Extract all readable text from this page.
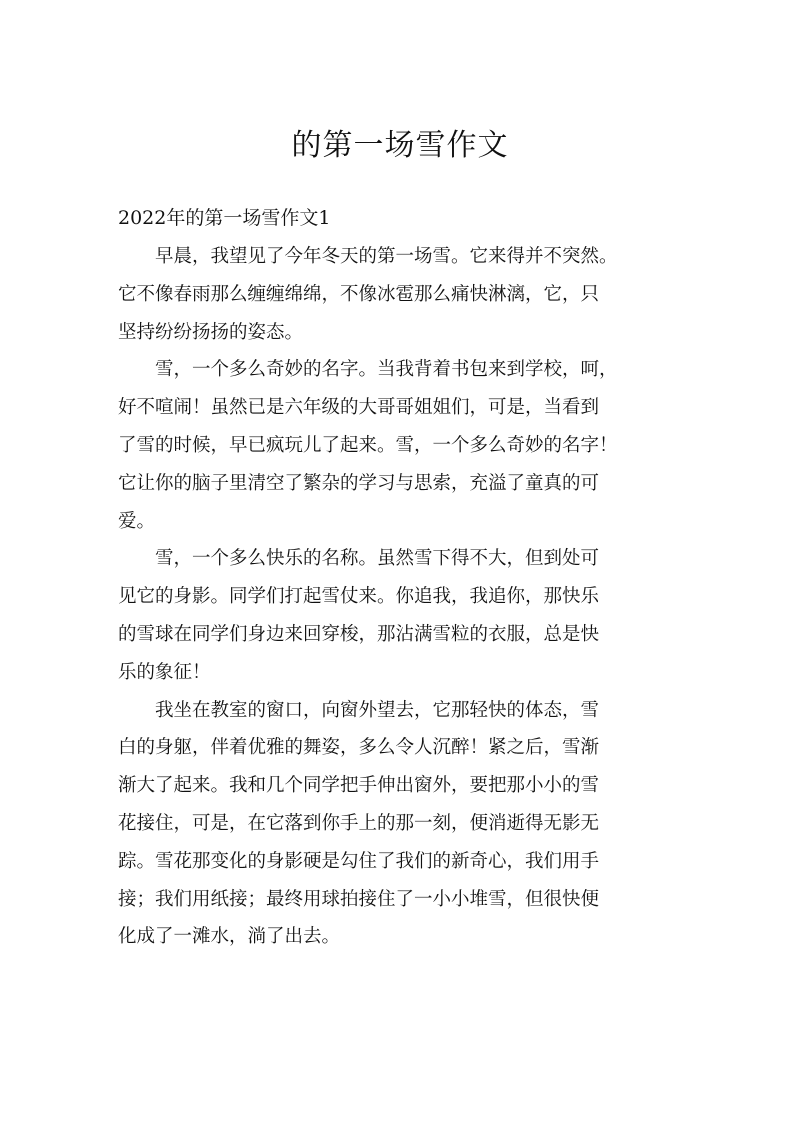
的第一场雪作文
2022年的第一场雪作文1

早晨，我望见了今年冬天的第一场雪。它来得并不突然。
它不像春雨那么缠缠绵绵，不像冰雹那么痛快淋漓，它，只
坚持纷纷扬扬的姿态。

雪，一个多么奇妙的名字。当我背着书包来到学校，呵，
好不喧闹！虽然已是六年级的大哥哥姐姐们，可是，当看到
了雪的时候，早已疯玩儿了起来。雪，一个多么奇妙的名字！
它让你的脑子里清空了繁杂的学习与思索，充溢了童真的可
爱。

雪，一个多么快乐的名称。虽然雪下得不大，但到处可
见它的身影。同学们打起雪仗来。你追我，我追你，那快乐
的雪球在同学们身边来回穿梭，那沾满雪粒的衣服，总是快
乐的象征！

我坐在教室的窗口，向窗外望去，它那轻快的体态，雪
白的身躯，伴着优雅的舞姿，多么令人沉醉！紧之后，雪渐
渐大了起来。我和几个同学把手伸出窗外，要把那小小的雪
花接住，可是，在它落到你手上的那一刻，便消逝得无影无
踪。雪花那变化的身影硬是勾住了我们的新奇心，我们用手
接；我们用纸接；最终用球拍接住了一小小堆雪，但很快便
化成了一滩水，淌了出去。
